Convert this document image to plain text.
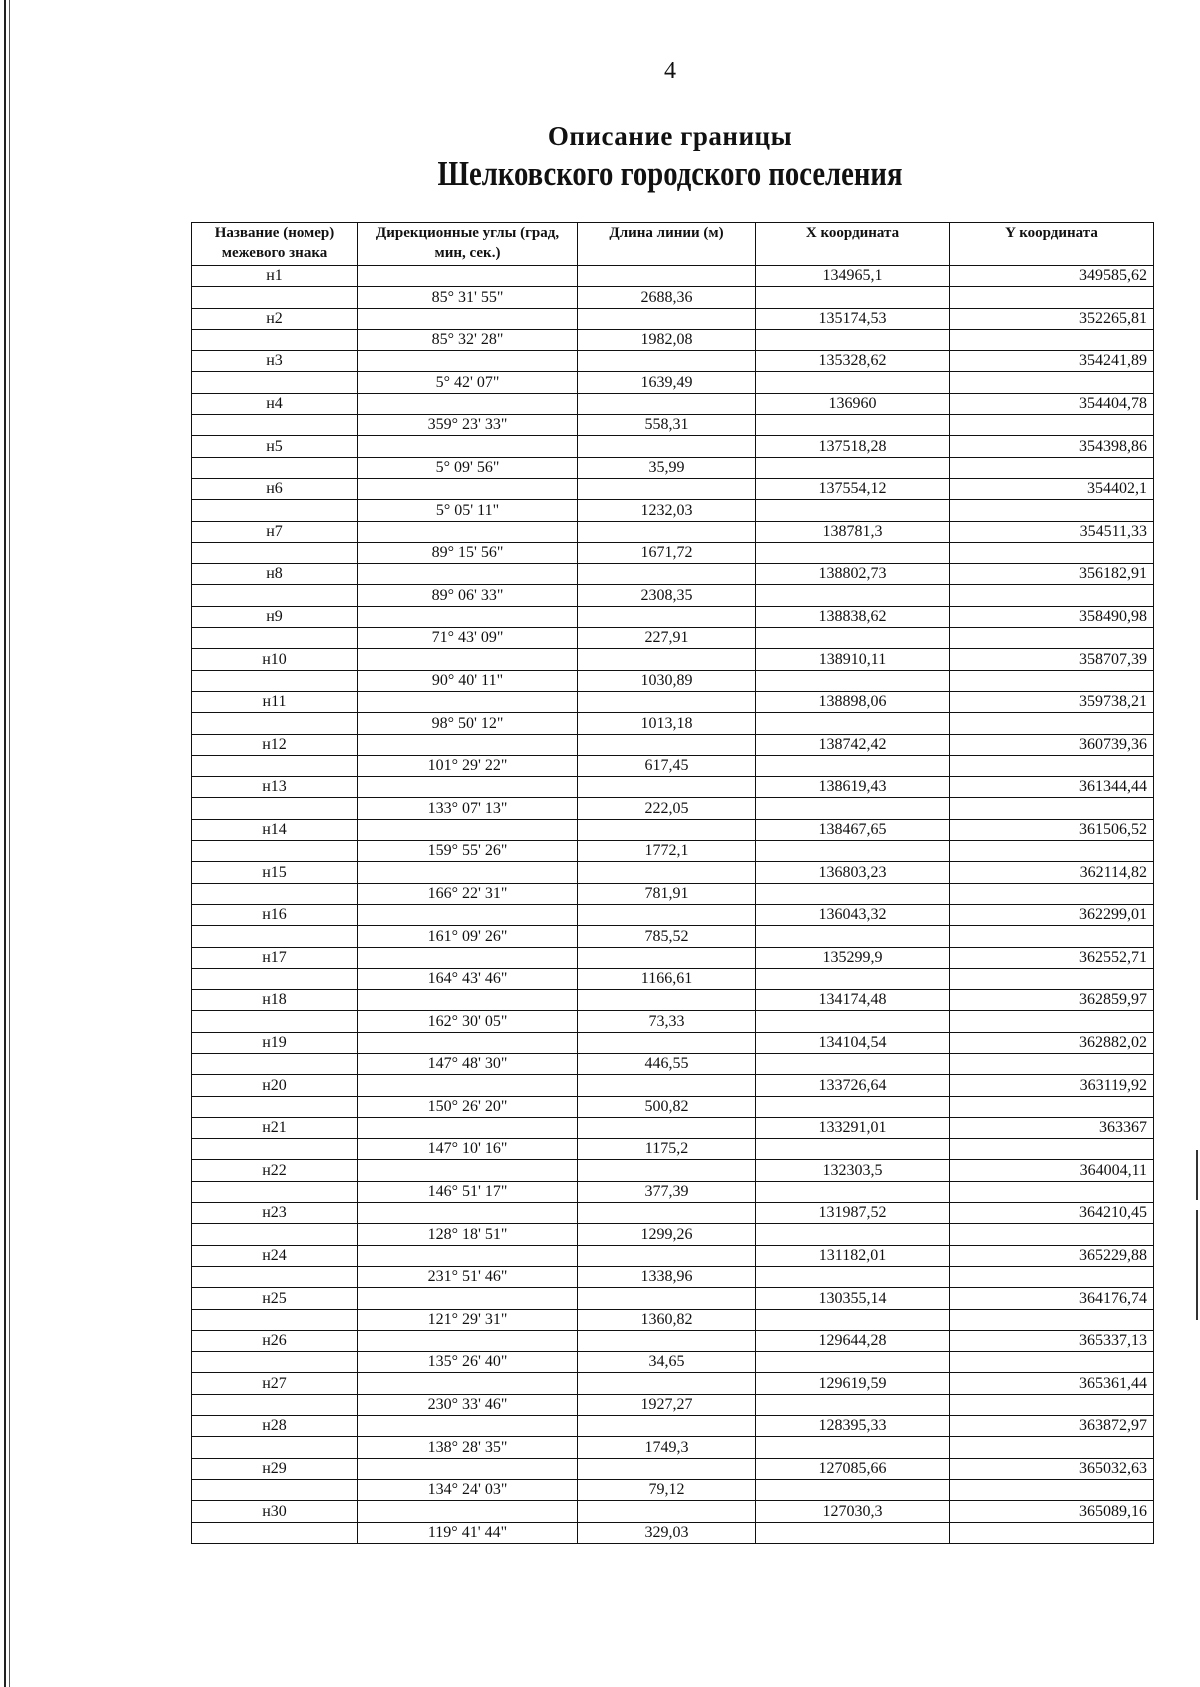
4
Описание границы
Шелковского городского поселения
Название (номер) межевого знака	Дирекционные углы (град, мин, сек.)	Длина линии (м)	X координата	Y координата
н1			134965,1	349585,62
	85° 31' 55"	2688,36		
н2			135174,53	352265,81
	85° 32' 28"	1982,08		
н3			135328,62	354241,89
	5° 42' 07"	1639,49		
н4			136960	354404,78
	359° 23' 33"	558,31		
н5			137518,28	354398,86
	5° 09' 56"	35,99		
н6			137554,12	354402,1
	5° 05' 11"	1232,03		
н7			138781,3	354511,33
	89° 15' 56"	1671,72		
н8			138802,73	356182,91
	89° 06' 33"	2308,35		
н9			138838,62	358490,98
	71° 43' 09"	227,91		
н10			138910,11	358707,39
	90° 40' 11"	1030,89		
н11			138898,06	359738,21
	98° 50' 12"	1013,18		
н12			138742,42	360739,36
	101° 29' 22"	617,45		
н13			138619,43	361344,44
	133° 07' 13"	222,05		
н14			138467,65	361506,52
	159° 55' 26"	1772,1		
н15			136803,23	362114,82
	166° 22' 31"	781,91		
н16			136043,32	362299,01
	161° 09' 26"	785,52		
н17			135299,9	362552,71
	164° 43' 46"	1166,61		
н18			134174,48	362859,97
	162° 30' 05"	73,33		
н19			134104,54	362882,02
	147° 48' 30"	446,55		
н20			133726,64	363119,92
	150° 26' 20"	500,82		
н21			133291,01	363367
	147° 10' 16"	1175,2		
н22			132303,5	364004,11
	146° 51' 17"	377,39		
н23			131987,52	364210,45
	128° 18' 51"	1299,26		
н24			131182,01	365229,88
	231° 51' 46"	1338,96		
н25			130355,14	364176,74
	121° 29' 31"	1360,82		
н26			129644,28	365337,13
	135° 26' 40"	34,65		
н27			129619,59	365361,44
	230° 33' 46"	1927,27		
н28			128395,33	363872,97
	138° 28' 35"	1749,3		
н29			127085,66	365032,63
	134° 24' 03"	79,12		
н30			127030,3	365089,16
	119° 41' 44"	329,03		
